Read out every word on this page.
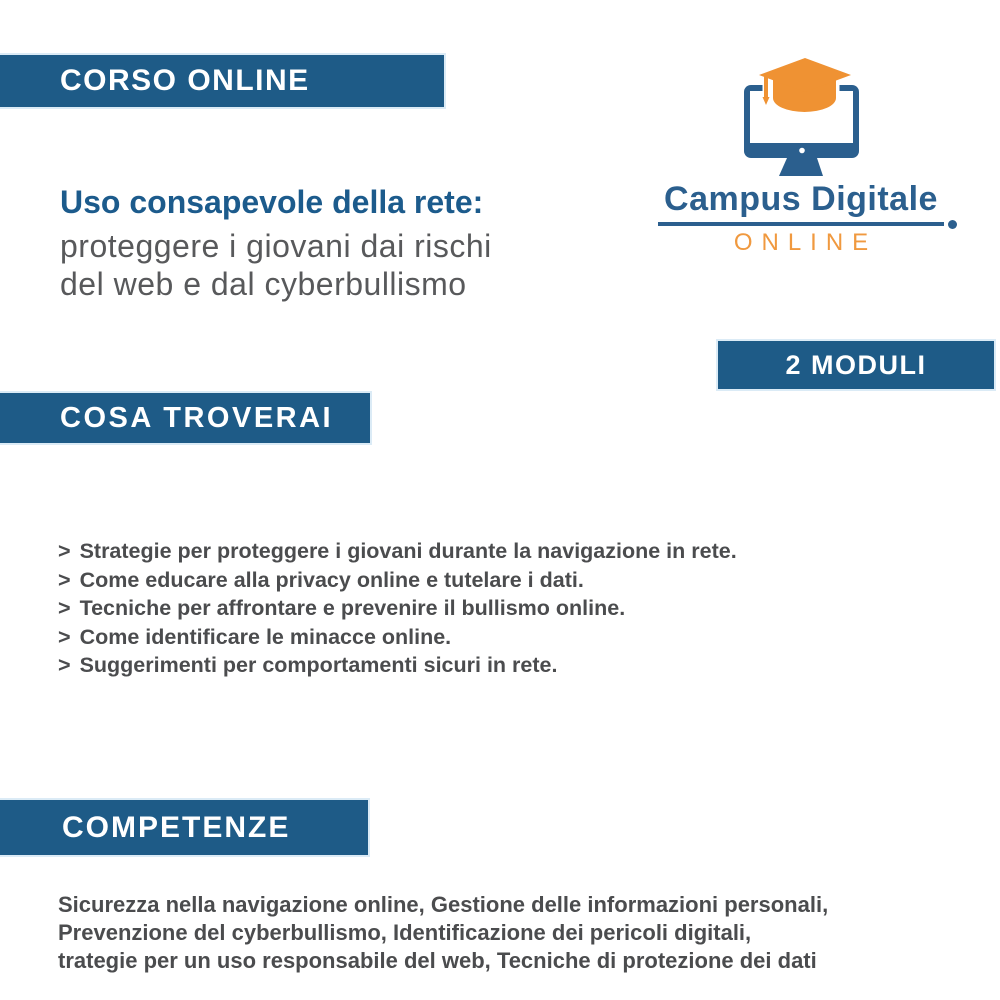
CORSO ONLINE
Campus Digitale
ONLINE
Uso consapevole della rete:
proteggere i giovani dai rischi
del web e dal cyberbullismo
2 MODULI
COSA TROVERAI
> Strategie per proteggere i giovani durante la navigazione in rete.
> Come educare alla privacy online e tutelare i dati.
> Tecniche per affrontare e prevenire il bullismo online.
> Come identificare le minacce online.
> Suggerimenti per comportamenti sicuri in rete.
COMPETENZE
Sicurezza nella navigazione online, Gestione delle informazioni personali,
Prevenzione del cyberbullismo, Identificazione dei pericoli digitali,
trategie per un uso responsabile del web, Tecniche di protezione dei dati
